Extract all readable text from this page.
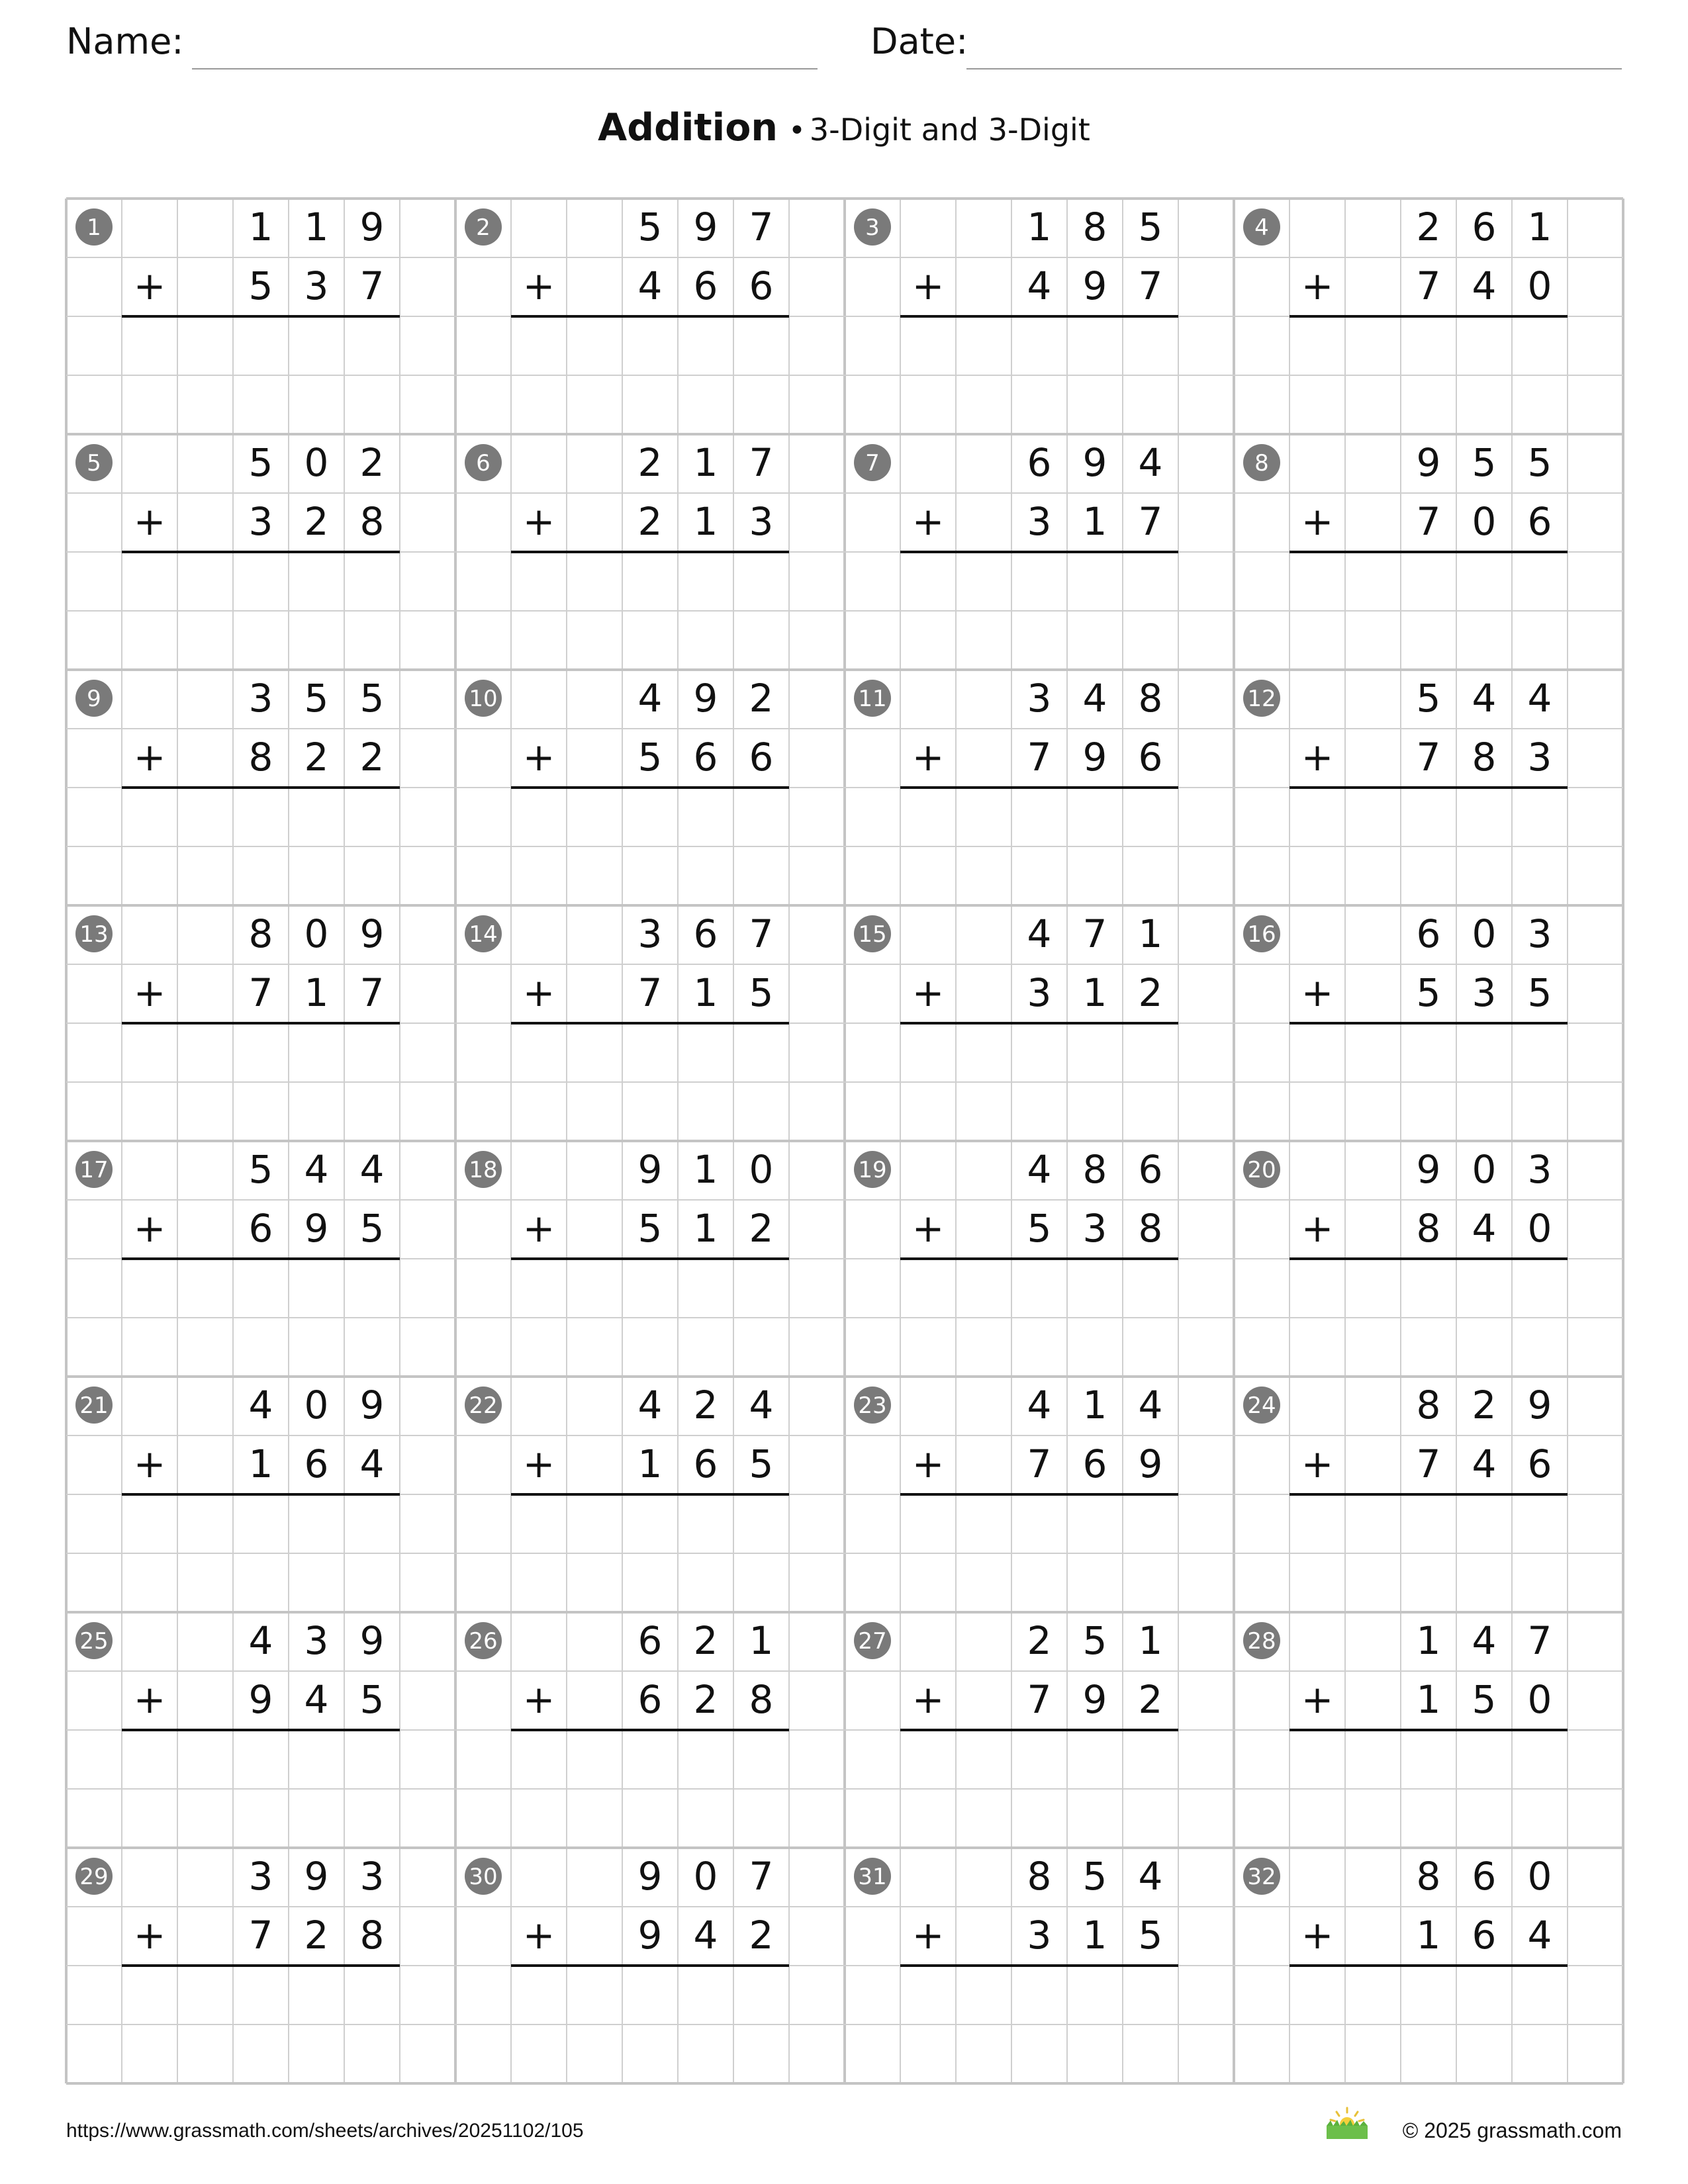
Name:	Date:
Addition • 3-Digit and 3-Digit
1	1 1 9
+ 5 3 7
2	5 9 7
+ 4 6 6
3	1 8 5
+ 4 9 7
4	2 6 1
+ 7 4 0
5	5 0 2
+ 3 2 8
6	2 1 7
+ 2 1 3
7	6 9 4
+ 3 1 7
8	9 5 5
+ 7 0 6
9	3 5 5
+ 8 2 2
10	4 9 2
+ 5 6 6
11	3 4 8
+ 7 9 6
12	5 4 4
+ 7 8 3
13	8 0 9
+ 7 1 7
14	3 6 7
+ 7 1 5
15	4 7 1
+ 3 1 2
16	6 0 3
+ 5 3 5
17	5 4 4
+ 6 9 5
18	9 1 0
+ 5 1 2
19	4 8 6
+ 5 3 8
20	9 0 3
+ 8 4 0
21	4 0 9
+ 1 6 4
22	4 2 4
+ 1 6 5
23	4 1 4
+ 7 6 9
24	8 2 9
+ 7 4 6
25	4 3 9
+ 9 4 5
26	6 2 1
+ 6 2 8
27	2 5 1
+ 7 9 2
28	1 4 7
+ 1 5 0
29	3 9 3
+ 7 2 8
30	9 0 7
+ 9 4 2
31	8 5 4
+ 3 1 5
32	8 6 0
+ 1 6 4
https://www.grassmath.com/sheets/archives/20251102/105	© 2025 grassmath.com
